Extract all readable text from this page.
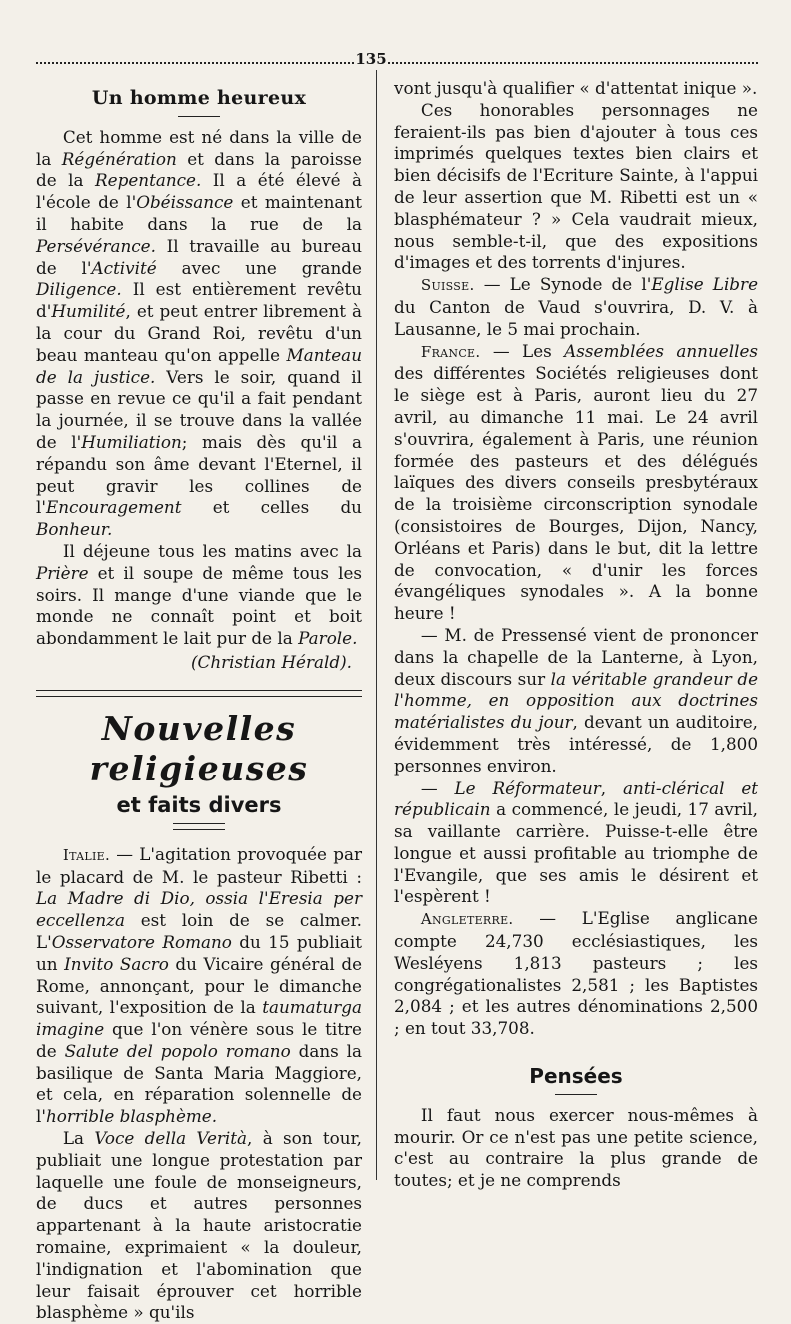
135
Un homme heureux

Cet homme est né dans la ville de la Régénération et dans la paroisse de la Repentance. Il a été élevé à l'école de l'Obéissance et maintenant il habite dans la rue de la Persévérance. Il travaille au bureau de l'Activité avec une grande Diligence. Il est entièrement revêtu d'Humilité, et peut entrer librement à la cour du Grand Roi, revêtu d'un beau manteau qu'on appelle Manteau de la justice. Vers le soir, quand il passe en revue ce qu'il a fait pendant la journée, il se trouve dans la vallée de l'Humiliation; mais dès qu'il a répandu son âme devant l'Eternel, il peut gravir les collines de l'Encouragement et celles du Bonheur.

Il déjeune tous les matins avec la Prière et il soupe de même tous les soirs. Il mange d'une viande que le monde ne connaît point et boit abondamment le lait pur de la Parole.

(Christian Hérald).
Nouvelles religieuses
et faits divers

Italie. — L'agitation provoquée par le placard de M. le pasteur Ribetti : La Madre di Dio, ossia l'Eresia per eccellenza est loin de se calmer. L'Osservatore Romano du 15 publiait un Invito Sacro du Vicaire général de Rome, annonçant, pour le dimanche suivant, l'exposition de la taumaturga imagine que l'on vénère sous le titre de Salute del popolo romano dans la basilique de Santa Maria Maggiore, et cela, en réparation solennelle de l'horrible blasphème.

La Voce della Verità, à son tour, publiait une longue protestation par laquelle une foule de monseigneurs, de ducs et autres personnes appartenant à la haute aristocratie romaine, exprimaient « la douleur, l'indignation et l'abomination que leur faisait éprouver cet horrible blasphème » qu'ils

vont jusqu'à qualifier « d'attentat inique ».

Ces honorables personnages ne feraient-ils pas bien d'ajouter à tous ces imprimés quelques textes bien clairs et bien décisifs de l'Ecriture Sainte, à l'appui de leur assertion que M. Ribetti est un « blasphémateur ? » Cela vaudrait mieux, nous semble-t-il, que des expositions d'images et des torrents d'injures.

Suisse. — Le Synode de l'Eglise Libre du Canton de Vaud s'ouvrira, D. V. à Lausanne, le 5 mai prochain.

France. — Les Assemblées annuelles des différentes Sociétés religieuses dont le siège est à Paris, auront lieu du 27 avril, au dimanche 11 mai. Le 24 avril s'ouvrira, également à Paris, une réunion formée des pasteurs et des délégués laïques des divers conseils presbytéraux de la troisième circonscription synodale (consistoires de Bourges, Dijon, Nancy, Orléans et Paris) dans le but, dit la lettre de convocation, « d'unir les forces évangéliques synodales ». A la bonne heure !

— M. de Pressensé vient de prononcer dans la chapelle de la Lanterne, à Lyon, deux discours sur la véritable grandeur de l'homme, en opposition aux doctrines matérialistes du jour, devant un auditoire, évidemment très intéressé, de 1,800 personnes environ.

— Le Réformateur, anti-clérical et républicain a commencé, le jeudi, 17 avril, sa vaillante carrière. Puisse-t-elle être longue et aussi profitable au triomphe de l'Evangile, que ses amis le désirent et l'espèrent !

Angleterre. — L'Eglise anglicane compte 24,730 ecclésiastiques, les Wesléyens 1,813 pasteurs ; les congrégationalistes 2,581 ; les Baptistes 2,084 ; et les autres dénominations 2,500 ; en tout 33,708.

Pensées

Il faut nous exercer nous-mêmes à mourir. Or ce n'est pas une petite science, c'est au contraire la plus grande de toutes; et je ne comprends
